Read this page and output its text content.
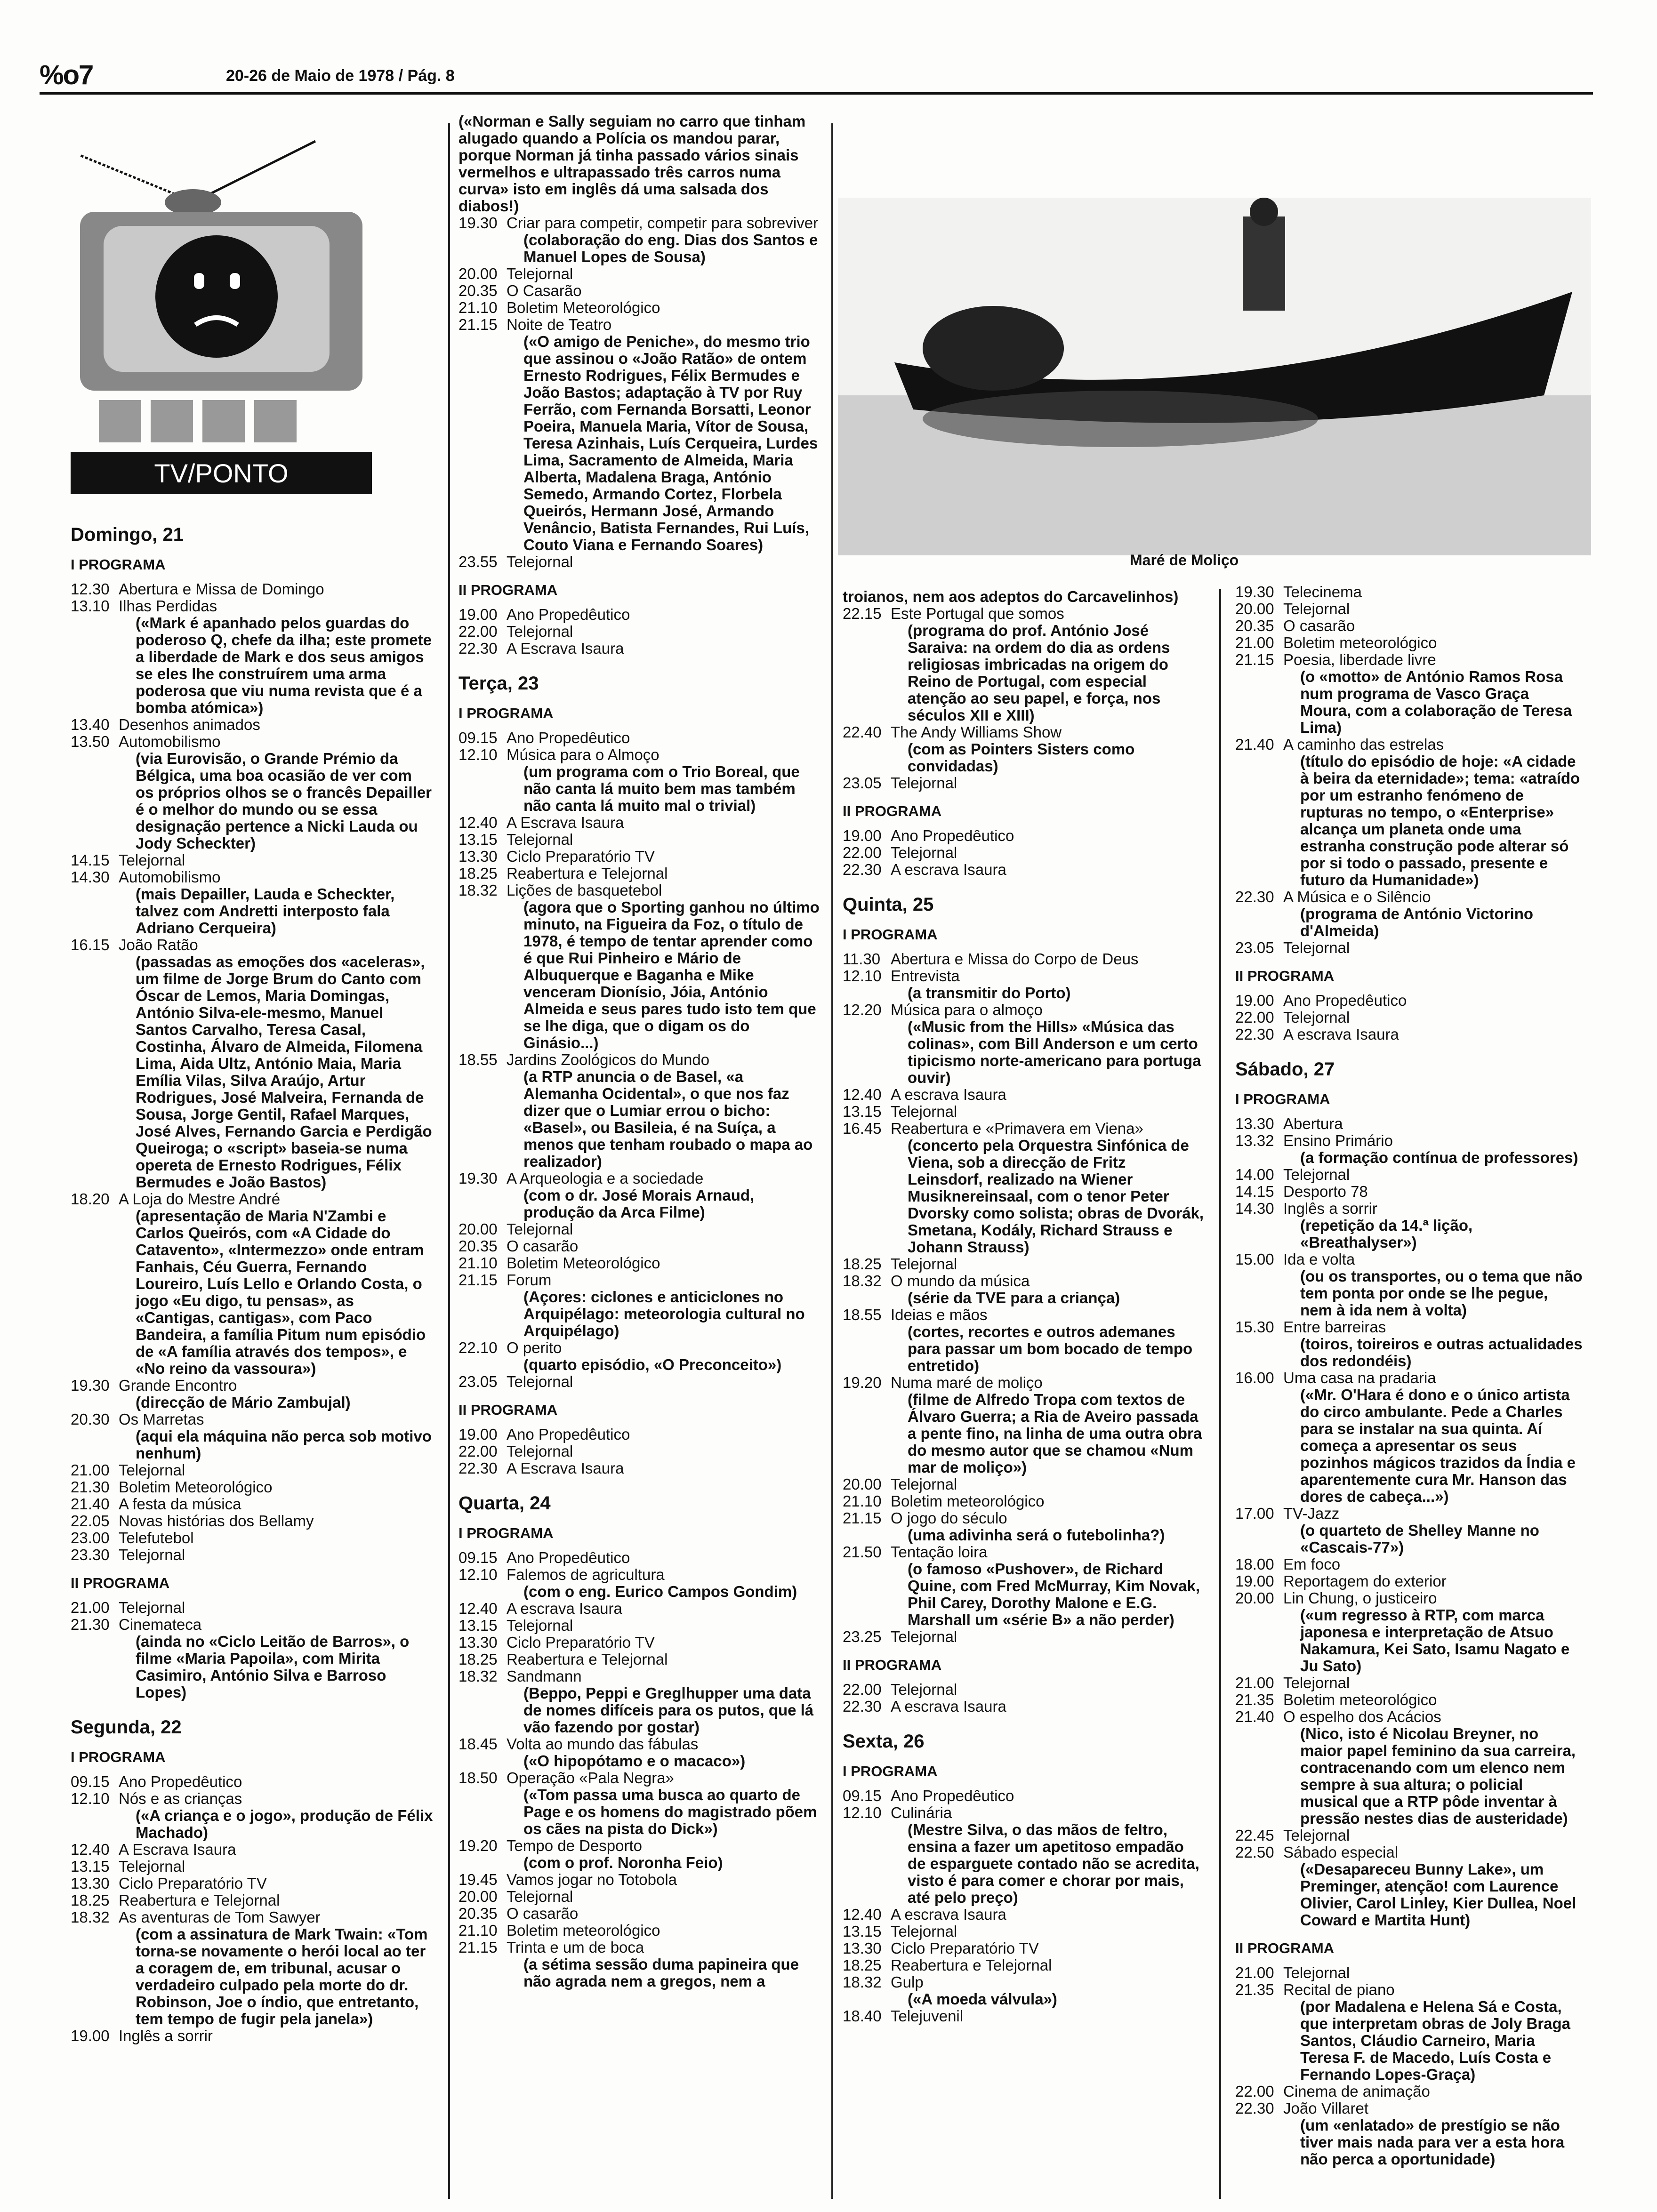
%o7	20-26 de Maio de 1978 / Pág. 8
TV/PONTO
Maré de Moliço
Domingo, 21
I PROGRAMA
12.30 Abertura e Missa de Domingo
13.10 Ilhas Perdidas
(«Mark é apanhado pelos guardas do poderoso Q, chefe da ilha; este promete a liberdade de Mark e dos seus amigos se eles lhe construírem uma arma poderosa que viu numa revista que é a bomba atómica»)
13.40 Desenhos animados
13.50 Automobilismo
(via Eurovisão, o Grande Prémio da Bélgica, uma boa ocasião de ver com os próprios olhos se o francês Depailler é o melhor do mundo ou se essa designação pertence a Nicki Lauda ou Jody Scheckter)
14.15 Telejornal
14.30 Automobilismo
(mais Depailler, Lauda e Scheckter, talvez com Andretti interposto fala Adriano Cerqueira)
16.15 João Ratão
(passadas as emoções dos «aceleras», um filme de Jorge Brum do Canto com Óscar de Lemos, Maria Domingas, António Silva-ele-mesmo, Manuel Santos Carvalho, Teresa Casal, Costinha, Álvaro de Almeida, Filomena Lima, Aida Ultz, António Maia, Maria Emília Vilas, Silva Araújo, Artur Rodrigues, José Malveira, Fernanda de Sousa, Jorge Gentil, Rafael Marques, José Alves, Fernando Garcia e Perdigão Queiroga; o «script» baseia-se numa opereta de Ernesto Rodrigues, Félix Bermudes e João Bastos)
18.20 A Loja do Mestre André
(apresentação de Maria N'Zambi e Carlos Queirós, com «A Cidade do Catavento», «Intermezzo» onde entram Fanhais, Céu Guerra, Fernando Loureiro, Luís Lello e Orlando Costa, o jogo «Eu digo, tu pensas», as «Cantigas, cantigas», com Paco Bandeira, a família Pitum num episódio de «A família através dos tempos», e «No reino da vassoura»)
19.30 Grande Encontro
(direcção de Mário Zambujal)
20.30 Os Marretas
(aqui ela máquina não perca sob motivo nenhum)
21.00 Telejornal
21.30 Boletim Meteorológico
21.40 A festa da música
22.05 Novas histórias dos Bellamy
23.00 Telefutebol
23.30 Telejornal
II PROGRAMA
21.00 Telejornal
21.30 Cinemateca
(ainda no «Ciclo Leitão de Barros», o filme «Maria Papoila», com Mirita Casimiro, António Silva e Barroso Lopes)
Segunda, 22
I PROGRAMA
09.15 Ano Propedêutico
12.10 Nós e as crianças
(«A criança e o jogo», produção de Félix Machado)
12.40 A Escrava Isaura
13.15 Telejornal
13.30 Ciclo Preparatório TV
18.25 Reabertura e Telejornal
18.32 As aventuras de Tom Sawyer
(com a assinatura de Mark Twain: «Tom torna-se novamente o herói local ao ter a coragem de, em tribunal, acusar o verdadeiro culpado pela morte do dr. Robinson, Joe o índio, que entretanto, tem tempo de fugir pela janela»)
19.00 Inglês a sorrir
(«Norman e Sally seguiam no carro que tinham alugado quando a Polícia os mandou parar, porque Norman já tinha passado vários sinais vermelhos e ultrapassado três carros numa curva» isto em inglês dá uma salsada dos diabos!)
19.30 Criar para competir, competir para sobreviver
(colaboração do eng. Dias dos Santos e Manuel Lopes de Sousa)
20.00 Telejornal
20.35 O Casarão
21.10 Boletim Meteorológico
21.15 Noite de Teatro
(«O amigo de Peniche», do mesmo trio que assinou o «João Ratão» de ontem Ernesto Rodrigues, Félix Bermudes e João Bastos; adaptação à TV por Ruy Ferrão, com Fernanda Borsatti, Leonor Poeira, Manuela Maria, Vítor de Sousa, Teresa Azinhais, Luís Cerqueira, Lurdes Lima, Sacramento de Almeida, Maria Alberta, Madalena Braga, António Semedo, Armando Cortez, Florbela Queirós, Hermann José, Armando Venâncio, Batista Fernandes, Rui Luís, Couto Viana e Fernando Soares)
23.55 Telejornal
II PROGRAMA
19.00 Ano Propedêutico
22.00 Telejornal
22.30 A Escrava Isaura
Terça, 23
I PROGRAMA
09.15 Ano Propedêutico
12.10 Música para o Almoço
(um programa com o Trio Boreal, que não canta lá muito bem mas também não canta lá muito mal o trivial)
12.40 A Escrava Isaura
13.15 Telejornal
13.30 Ciclo Preparatório TV
18.25 Reabertura e Telejornal
18.32 Lições de basquetebol
(agora que o Sporting ganhou no último minuto, na Figueira da Foz, o título de 1978, é tempo de tentar aprender como é que Rui Pinheiro e Mário de Albuquerque e Baganha e Mike venceram Dionísio, Jóia, António Almeida e seus pares tudo isto tem que se lhe diga, que o digam os do Ginásio...)
18.55 Jardins Zoológicos do Mundo
(a RTP anuncia o de Basel, «a Alemanha Ocidental», o que nos faz dizer que o Lumiar errou o bicho: «Basel», ou Basileia, é na Suíça, a menos que tenham roubado o mapa ao realizador)
19.30 A Arqueologia e a sociedade
(com o dr. José Morais Arnaud, produção da Arca Filme)
20.00 Telejornal
20.35 O casarão
21.10 Boletim Meteorológico
21.15 Forum
(Açores: ciclones e anticiclones no Arquipélago: meteorologia cultural no Arquipélago)
22.10 O perito
(quarto episódio, «O Preconceito»)
23.05 Telejornal
II PROGRAMA
19.00 Ano Propedêutico
22.00 Telejornal
22.30 A Escrava Isaura
Quarta, 24
I PROGRAMA
09.15 Ano Propedêutico
12.10 Falemos de agricultura
(com o eng. Eurico Campos Gondim)
12.40 A escrava Isaura
13.15 Telejornal
13.30 Ciclo Preparatório TV
18.25 Reabertura e Telejornal
18.32 Sandmann
(Beppo, Peppi e Greglhupper uma data de nomes difíceis para os putos, que lá vão fazendo por gostar)
18.45 Volta ao mundo das fábulas
(«O hipopótamo e o macaco»)
18.50 Operação «Pala Negra»
(«Tom passa uma busca ao quarto de Page e os homens do magistrado põem os cães na pista do Dick»)
19.20 Tempo de Desporto
(com o prof. Noronha Feio)
19.45 Vamos jogar no Totobola
20.00 Telejornal
20.35 O casarão
21.10 Boletim meteorológico
21.15 Trinta e um de boca
(a sétima sessão duma papineira que não agrada nem a gregos, nem a
troianos, nem aos adeptos do Carcavelinhos)
22.15 Este Portugal que somos
(programa do prof. António José Saraiva: na ordem do dia as ordens religiosas imbricadas na origem do Reino de Portugal, com especial atenção ao seu papel, e força, nos séculos XII e XIII)
22.40 The Andy Williams Show
(com as Pointers Sisters como convidadas)
23.05 Telejornal
II PROGRAMA
19.00 Ano Propedêutico
22.00 Telejornal
22.30 A escrava Isaura
Quinta, 25
I PROGRAMA
11.30 Abertura e Missa do Corpo de Deus
12.10 Entrevista
(a transmitir do Porto)
12.20 Música para o almoço
(«Music from the Hills» «Música das colinas», com Bill Anderson e um certo tipicismo norte-americano para portuga ouvir)
12.40 A escrava Isaura
13.15 Telejornal
16.45 Reabertura e «Primavera em Viena»
(concerto pela Orquestra Sinfónica de Viena, sob a direcção de Fritz Leinsdorf, realizado na Wiener Musiknereinsaal, com o tenor Peter Dvorsky como solista; obras de Dvorák, Smetana, Kodály, Richard Strauss e Johann Strauss)
18.25 Telejornal
18.32 O mundo da música
(série da TVE para a criança)
18.55 Ideias e mãos
(cortes, recortes e outros ademanes para passar um bom bocado de tempo entretido)
19.20 Numa maré de moliço
(filme de Alfredo Tropa com textos de Álvaro Guerra; a Ria de Aveiro passada a pente fino, na linha de uma outra obra do mesmo autor que se chamou «Num mar de moliço»)
20.00 Telejornal
21.10 Boletim meteorológico
21.15 O jogo do século
(uma adivinha será o futebolinha?)
21.50 Tentação loira
(o famoso «Pushover», de Richard Quine, com Fred McMurray, Kim Novak, Phil Carey, Dorothy Malone e E.G. Marshall um «série B» a não perder)
23.25 Telejornal
II PROGRAMA
22.00 Telejornal
22.30 A escrava Isaura
Sexta, 26
I PROGRAMA
09.15 Ano Propedêutico
12.10 Culinária
(Mestre Silva, o das mãos de feltro, ensina a fazer um apetitoso empadão de esparguete contado não se acredita, visto é para comer e chorar por mais, até pelo preço)
12.40 A escrava Isaura
13.15 Telejornal
13.30 Ciclo Preparatório TV
18.25 Reabertura e Telejornal
18.32 Gulp
(«A moeda válvula»)
18.40 Telejuvenil
19.30 Telecinema
20.00 Telejornal
20.35 O casarão
21.00 Boletim meteorológico
21.15 Poesia, liberdade livre
(o «motto» de António Ramos Rosa num programa de Vasco Graça Moura, com a colaboração de Teresa Lima)
21.40 A caminho das estrelas
(título do episódio de hoje: «A cidade à beira da eternidade»; tema: «atraído por um estranho fenómeno de rupturas no tempo, o «Enterprise» alcança um planeta onde uma estranha construção pode alterar só por si todo o passado, presente e futuro da Humanidade»)
22.30 A Música e o Silêncio
(programa de António Victorino d'Almeida)
23.05 Telejornal
II PROGRAMA
19.00 Ano Propedêutico
22.00 Telejornal
22.30 A escrava Isaura
Sábado, 27
I PROGRAMA
13.30 Abertura
13.32 Ensino Primário
(a formação contínua de professores)
14.00 Telejornal
14.15 Desporto 78
14.30 Inglês a sorrir
(repetição da 14.ª lição, «Breathalyser»)
15.00 Ida e volta
(ou os transportes, ou o tema que não tem ponta por onde se lhe pegue, nem à ida nem à volta)
15.30 Entre barreiras
(toiros, toireiros e outras actualidades dos redondéis)
16.00 Uma casa na pradaria
(«Mr. O'Hara é dono e o único artista do circo ambulante. Pede a Charles para se instalar na sua quinta. Aí começa a apresentar os seus pozinhos mágicos trazidos da Índia e aparentemente cura Mr. Hanson das dores de cabeça...»)
17.00 TV-Jazz
(o quarteto de Shelley Manne no «Cascais-77»)
18.00 Em foco
19.00 Reportagem do exterior
20.00 Lin Chung, o justiceiro
(«um regresso à RTP, com marca japonesa e interpretação de Atsuo Nakamura, Kei Sato, Isamu Nagato e Ju Sato)
21.00 Telejornal
21.35 Boletim meteorológico
21.40 O espelho dos Acácios
(Nico, isto é Nicolau Breyner, no maior papel feminino da sua carreira, contracenando com um elenco nem sempre à sua altura; o policial musical que a RTP pôde inventar à pressão nestes dias de austeridade)
22.45 Telejornal
22.50 Sábado especial
(«Desapareceu Bunny Lake», um Preminger, atenção! com Laurence Olivier, Carol Linley, Kier Dullea, Noel Coward e Martita Hunt)
II PROGRAMA
21.00 Telejornal
21.35 Recital de piano
(por Madalena e Helena Sá e Costa, que interpretam obras de Joly Braga Santos, Cláudio Carneiro, Maria Teresa F. de Macedo, Luís Costa e Fernando Lopes-Graça)
22.00 Cinema de animação
22.30 João Villaret
(um «enlatado» de prestígio se não tiver mais nada para ver a esta hora não perca a oportunidade)
